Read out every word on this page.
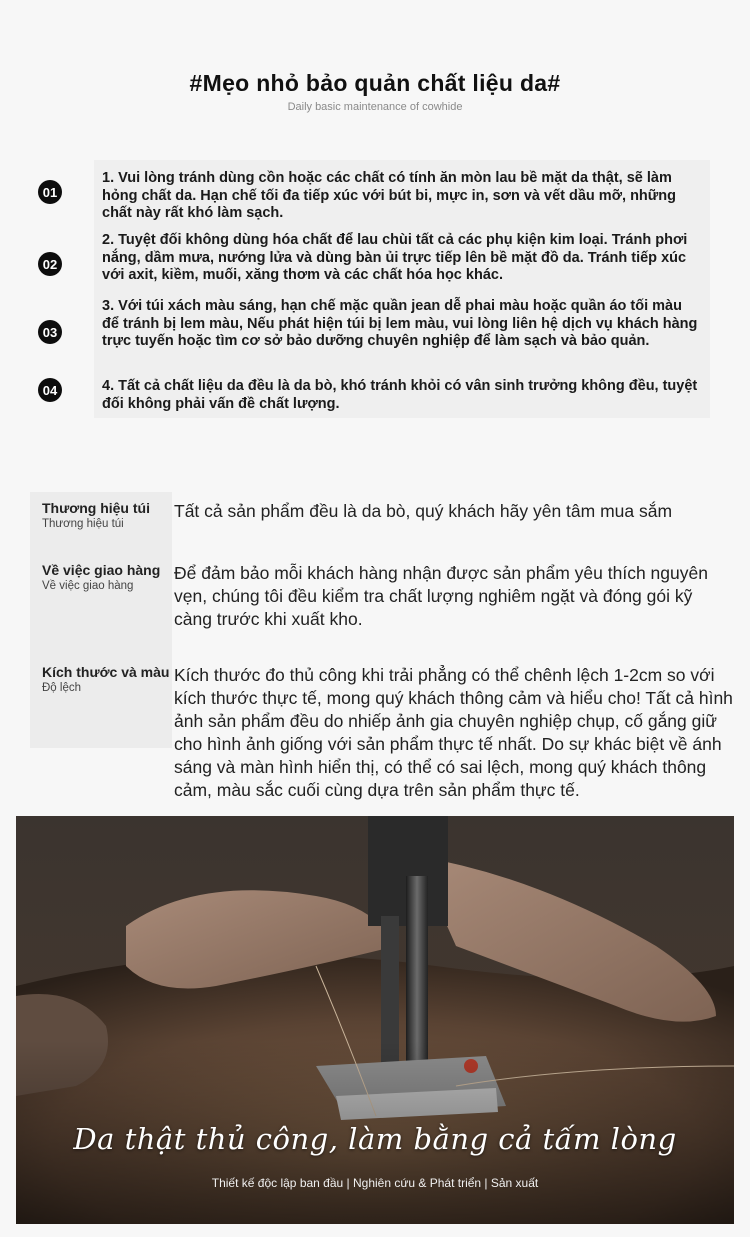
#Mẹo nhỏ bảo quản chất liệu da#
Daily basic maintenance of cowhide
01
1. Vui lòng tránh dùng cồn hoặc các chất có tính ăn mòn lau bề mặt da thật, sẽ làm hỏng chất da. Hạn chế tối đa tiếp xúc với bút bi, mực in, sơn và vết dầu mỡ, những chất này rất khó làm sạch.
02
2. Tuyệt đối không dùng hóa chất để lau chùi tất cả các phụ kiện kim loại. Tránh phơi nắng, dầm mưa, nướng lửa và dùng bàn ủi trực tiếp lên bề mặt đồ da. Tránh tiếp xúc với axit, kiềm, muối, xăng thơm và các chất hóa học khác.
03
3. Với túi xách màu sáng, hạn chế mặc quần jean dễ phai màu hoặc quần áo tối màu để tránh bị lem màu, Nếu phát hiện túi bị lem màu, vui lòng liên hệ dịch vụ khách hàng trực tuyến hoặc tìm cơ sở bảo dưỡng chuyên nghiệp để làm sạch và bảo quản.
04	4. Tất cả chất liệu da đều là da bò, khó tránh khỏi có vân sinh trưởng không đều, tuyệt đối không phải vấn đề chất lượng.
Thương hiệu túi
Thương hiệu túi
Tất cả sản phẩm đều là da bò, quý khách hãy yên tâm mua sắm
Về việc giao hàng
Về việc giao hàng
Để đảm bảo mỗi khách hàng nhận được sản phẩm yêu thích nguyên vẹn, chúng tôi đều kiểm tra chất lượng nghiêm ngặt và đóng gói kỹ càng trước khi xuất kho.
Kích thước và màu
Độ lệch
Kích thước đo thủ công khi trải phẳng có thể chênh lệch 1-2cm so với kích thước thực tế, mong quý khách thông cảm và hiểu cho! Tất cả hình ảnh sản phẩm đều do nhiếp ảnh gia chuyên nghiệp chụp, cố gắng giữ cho hình ảnh giống với sản phẩm thực tế nhất. Do sự khác biệt về ánh sáng và màn hình hiển thị, có thể có sai lệch, mong quý khách thông cảm, màu sắc cuối cùng dựa trên sản phẩm thực tế.
Da thật thủ công, làm bằng cả tấm lòng
Thiết kế độc lập ban đầu | Nghiên cứu & Phát triển | Sản xuất
